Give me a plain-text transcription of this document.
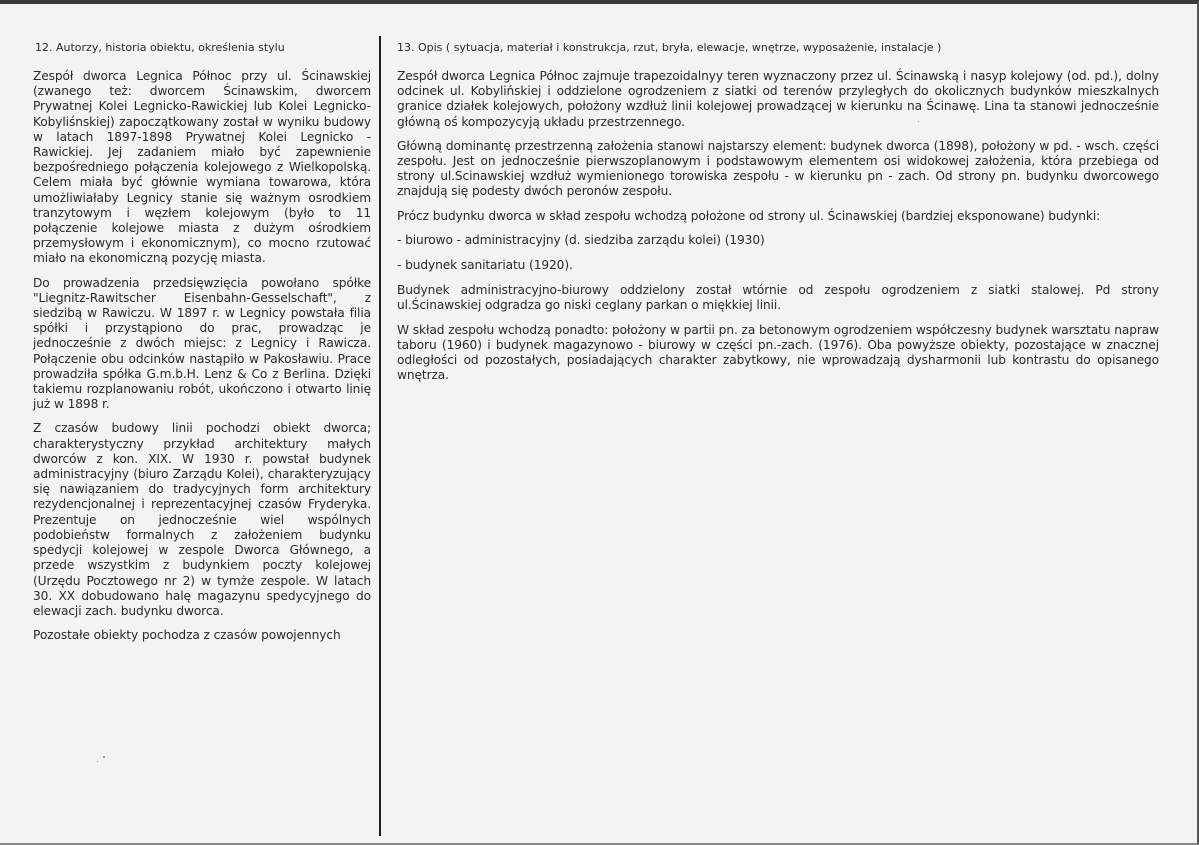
12. Autorzy, historia obiektu, określenia stylu

Zespół dworca Legnica Północ przy ul. Ścinawskiej (zwanego też: dworcem Ścinawskim, dworcem Prywatnej Kolei Legnicko-Rawickiej lub Kolei Legnicko-Kobyliśnskiej) zapoczątkowany został w wyniku budowy w latach 1897-1898 Prywatnej Kolei Legnicko - Rawickiej. Jej zadaniem miało być zapewnienie bezpośredniego połączenia kolejowego z Wielkopolską. Celem miała być głównie wymiana towarowa, która umożliwiałaby Legnicy stanie się ważnym osrodkiem tranzytowym i węzłem kolejowym (było to 11 połączenie kolejowe miasta z dużym ośrodkiem przemysłowym i ekonomicznym), co mocno rzutować miało na ekonomiczną pozycję miasta.

Do prowadzenia przedsięwzięcia powołano spółke "Liegnitz-Rawitscher Eisenbahn-Gesselschaft", z siedzibą w Rawiczu. W 1897 r. w Legnicy powstała filia spółki i przystąpiono do prac, prowadząc je jednocześnie z dwóch miejsc: z Legnicy i Rawicza. Połączenie obu odcinków nastąpiło w Pakosławiu. Prace prowadziła spółka G.m.b.H. Lenz & Co z Berlina. Dzięki takiemu rozplanowaniu robót, ukończono i otwarto linię już w 1898 r.

Z czasów budowy linii pochodzi obiekt dworca; charakterystyczny przykład architektury małych dworców z kon. XIX. W 1930 r. powstał budynek administracyjny (biuro Zarządu Kolei), charakteryzujący się nawiązaniem do tradycyjnych form architektury rezydencjonalnej i reprezentacyjnej czasów Fryderyka. Prezentuje on jednocześnie wiel wspólnych podobieństw formalnych z założeniem budynku spedycji kolejowej w zespole Dworca Głównego, a przede wszystkim z budynkiem poczty kolejowej (Urzędu Pocztowego nr 2) w tymże zespole. W latach 30. XX dobudowano halę magazynu spedycyjnego do elewacji zach. budynku dworca.

Pozostałe obiekty pochodza z czasów powojennych

13. Opis ( sytuacja, materiał i konstrukcja, rzut, bryła, elewacje, wnętrze, wyposażenie, instalacje )

Zespół dworca Legnica Północ zajmuje trapezoidalnyy teren wyznaczony przez ul. Ścinawską i nasyp kolejowy (od. pd.), dolny odcinek ul. Kobylińskiej i oddzielone ogrodzeniem z siatki od terenów przyległych do okolicznych budynków mieszkalnych granice działek kolejowych, położony wzdłuż linii kolejowej prowadzącej w kierunku na Ścinawę. Lina ta stanowi jednocześnie główną oś kompozycyją układu przestrzennego.

Główną dominantę przestrzenną założenia stanowi najstarszy element: budynek dworca (1898), położony w pd. - wsch. części zespołu. Jest on jednocześnie pierwszoplanowym i podstawowym elementem osi widokowej założenia, która przebiega od strony ul.Scinawskiej wzdłuż wymienionego torowiska zespołu - w kierunku pn - zach. Od strony pn. budynku dworcowego znajdują się podesty dwóch peronów zespołu.

Prócz budynku dworca w skład zespołu wchodzą położone od strony ul. Ścinawskiej (bardziej eksponowane) budynki:

- biurowo - administracyjny (d. siedziba zarządu kolei) (1930)

- budynek sanitariatu (1920).

Budynek administracyjno-biurowy oddzielony został wtórnie od zespołu ogrodzeniem z siatki stalowej. Pd strony ul.Ścinawskiej odgradza go niski ceglany parkan o miękkiej linii.

W skład zespołu wchodzą ponadto: położony w partii pn. za betonowym ogrodzeniem współczesny budynek warsztatu napraw taboru (1960) i budynek magazynowo - biurowy w części pn.-zach. (1976). Oba powyższe obiekty, pozostające w znacznej odległości od pozostałych, posiadających charakter zabytkowy, nie wprowadzają dysharmonii lub kontrastu do opisanego wnętrza.
